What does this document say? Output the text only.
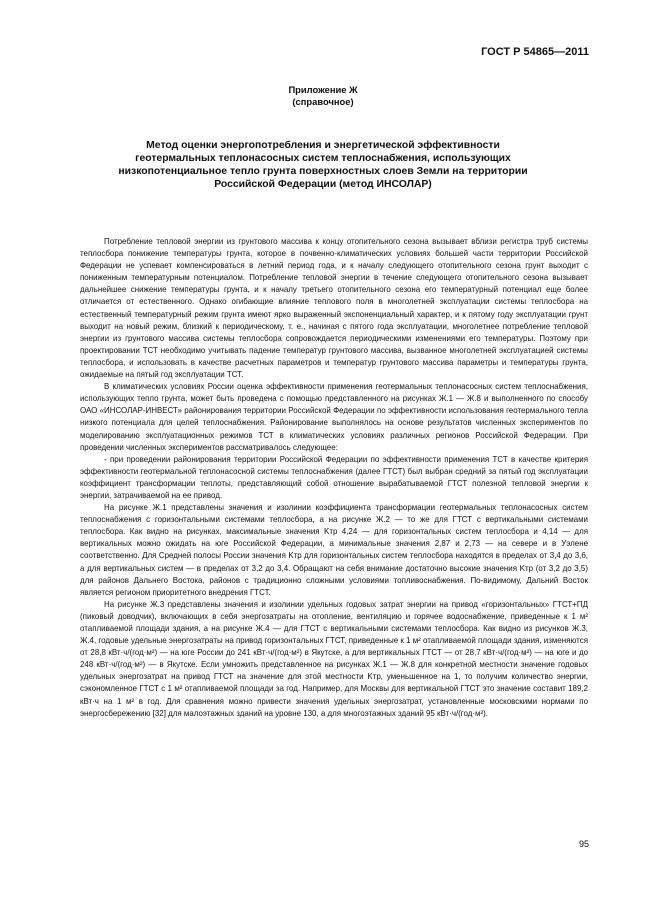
ГОСТ Р 54865—2011
Приложение Ж
(справочное)
Метод оценки энергопотребления и энергетической эффективности
геотермальных теплонасосных систем теплоснабжения, использующих
низкопотенциальное тепло грунта поверхностных слоев Земли на территории
Российской Федерации (метод ИНСОЛАР)

Потребление тепловой энергии из грунтового массива к концу отопительного сезона вызывает вблизи регистра труб системы теплосбора понижение температуры грунта, которое в почвенно-климатических условиях большей части территории Российской Федерации не успевает компенсироваться в летний период года, и к началу следующего отопительного сезона грунт выходит с пониженным температурным потенциалом. Потребление тепловой энергии в течение следующего отопительного сезона вызывает дальнейшее снижение температуры грунта, и к началу третьего отопительного сезона его температурный потенциал еще более отличается от естественного. Однако огибающие влияние теплового поля в многолетней эксплуатации системы теплосбора на естественный температурный режим грунта имеют ярко выраженный экспоненциальный характер, и к пятому году эксплуатации грунт выходит на новый режим, близкий к периодическому, т. е., начиная с пятого года эксплуатации, многолетнее потребление тепловой энергии из грунтового массива системы теплосбора сопровождается периодическими изменениями его температуры. Поэтому при проектировании ТСТ необходимо учитывать падение температур грунтового массива, вызванное многолетней эксплуатацией системы теплосбора, и использовать в качестве расчетных параметров и температур грунтового массива параметры и температуры грунта, ожидаемые на пятый год эксплуатации ТСТ.

В климатических условиях России оценка эффективности применения геотермальных теплонасосных систем теплоснабжения, использующих тепло грунта, может быть проведена с помощью представленного на рисунках Ж.1 — Ж.8 и выполненного по способу ОАО «ИНСОЛАР-ИНВЕСТ» районирования территории Российской Федерации по эффективности использования геотермального тепла низкого потенциала для целей теплоснабжения. Районирование выполнялось на основе результатов численных экспериментов по моделированию эксплуатационных режимов ТСТ в климатических условиях различных регионов Российской Федерации. При проведении численных экспериментов рассматривалось следующее:

- при проведении районирования территории Российской Федерации по эффективности применения ТСТ в качестве критерия эффективности геотермальной теплонасосной системы теплоснабжения (далее ГТСТ) был выбран средний за пятый год эксплуатации коэффициент трансформации теплоты, представляющий собой отношение вырабатываемой ГТСТ полезной тепловой энергии к энергии, затрачиваемой на ее привод.

На рисунке Ж.1 представлены значения и изолинии коэффициента трансформации геотермальных теплонасосных систем теплоснабжения с горизонтальными системами теплосбора, а на рисунке Ж.2 — то же для ГТСТ с вертикальными системами теплосбора. Как видно на рисунках, максимальные значения Kтр 4,24 — для горизонтальных систем теплосбора и 4,14 — для вертикальных можно ожидать на юге Российской Федерации, а минимальные значения 2,87 и 2,73 — на севере и в Уэлене соответственно. Для Средней полосы России значения Kтр для горизонтальных систем теплосбора находятся в пределах от 3,4 до 3,6, а для вертикальных систем — в пределах от 3,2 до 3,4. Обращают на себя внимание достаточно высокие значения Kтр (от 3,2 до 3,5) для районов Дальнего Востока, районов с традиционно сложными условиями топливоснабжения. По-видимому, Дальний Восток является регионом приоритетного внедрения ГТСТ.

На рисунке Ж.3 представлены значения и изолинии удельных годовых затрат энергии на привод «горизонтальных» ГТСТ+ПД (пиковый доводчик), включающих в себя энергозатраты на отопление, вентиляцию и горячее водоснабжение, приведенные к 1 м² отапливаемой площади здания, а на рисунке Ж.4 — для ГТСТ с вертикальными системами теплосбора. Как видно из рисунков Ж.3, Ж.4, годовые удельные энергозатраты на привод горизонтальных ГТСТ, приведенные к 1 м² отапливаемой площади здания, изменяются от 28,8 кВт·ч/(год·м²) — на юге России до 241 кВт·ч/(год·м²) в Якутске, а для вертикальных ГТСТ — от 28,7 кВт·ч/(год·м²) — на юге и до 248 кВт·ч/(год·м²) — в Якутске. Если умножить представленное на рисунках Ж.1 — Ж.8 для конкретной местности значение годовых удельных энергозатрат на привод ГТСТ на значение для этой местности Kтр, уменьшенное на 1, то получим количество энергии, сэкономленное ГТСТ с 1 м² отапливаемой площади за год. Например, для Москвы для вертикальной ГТСТ это значение составит 189,2 кВт·ч на 1 м² в год. Для сравнения можно привести значения удельных энергозатрат, установленные московскими нормами по энергосбережению [32] для малоэтажных зданий на уровне 130, а для многоэтажных зданий 95 кВт·ч/(год·м²).

95
